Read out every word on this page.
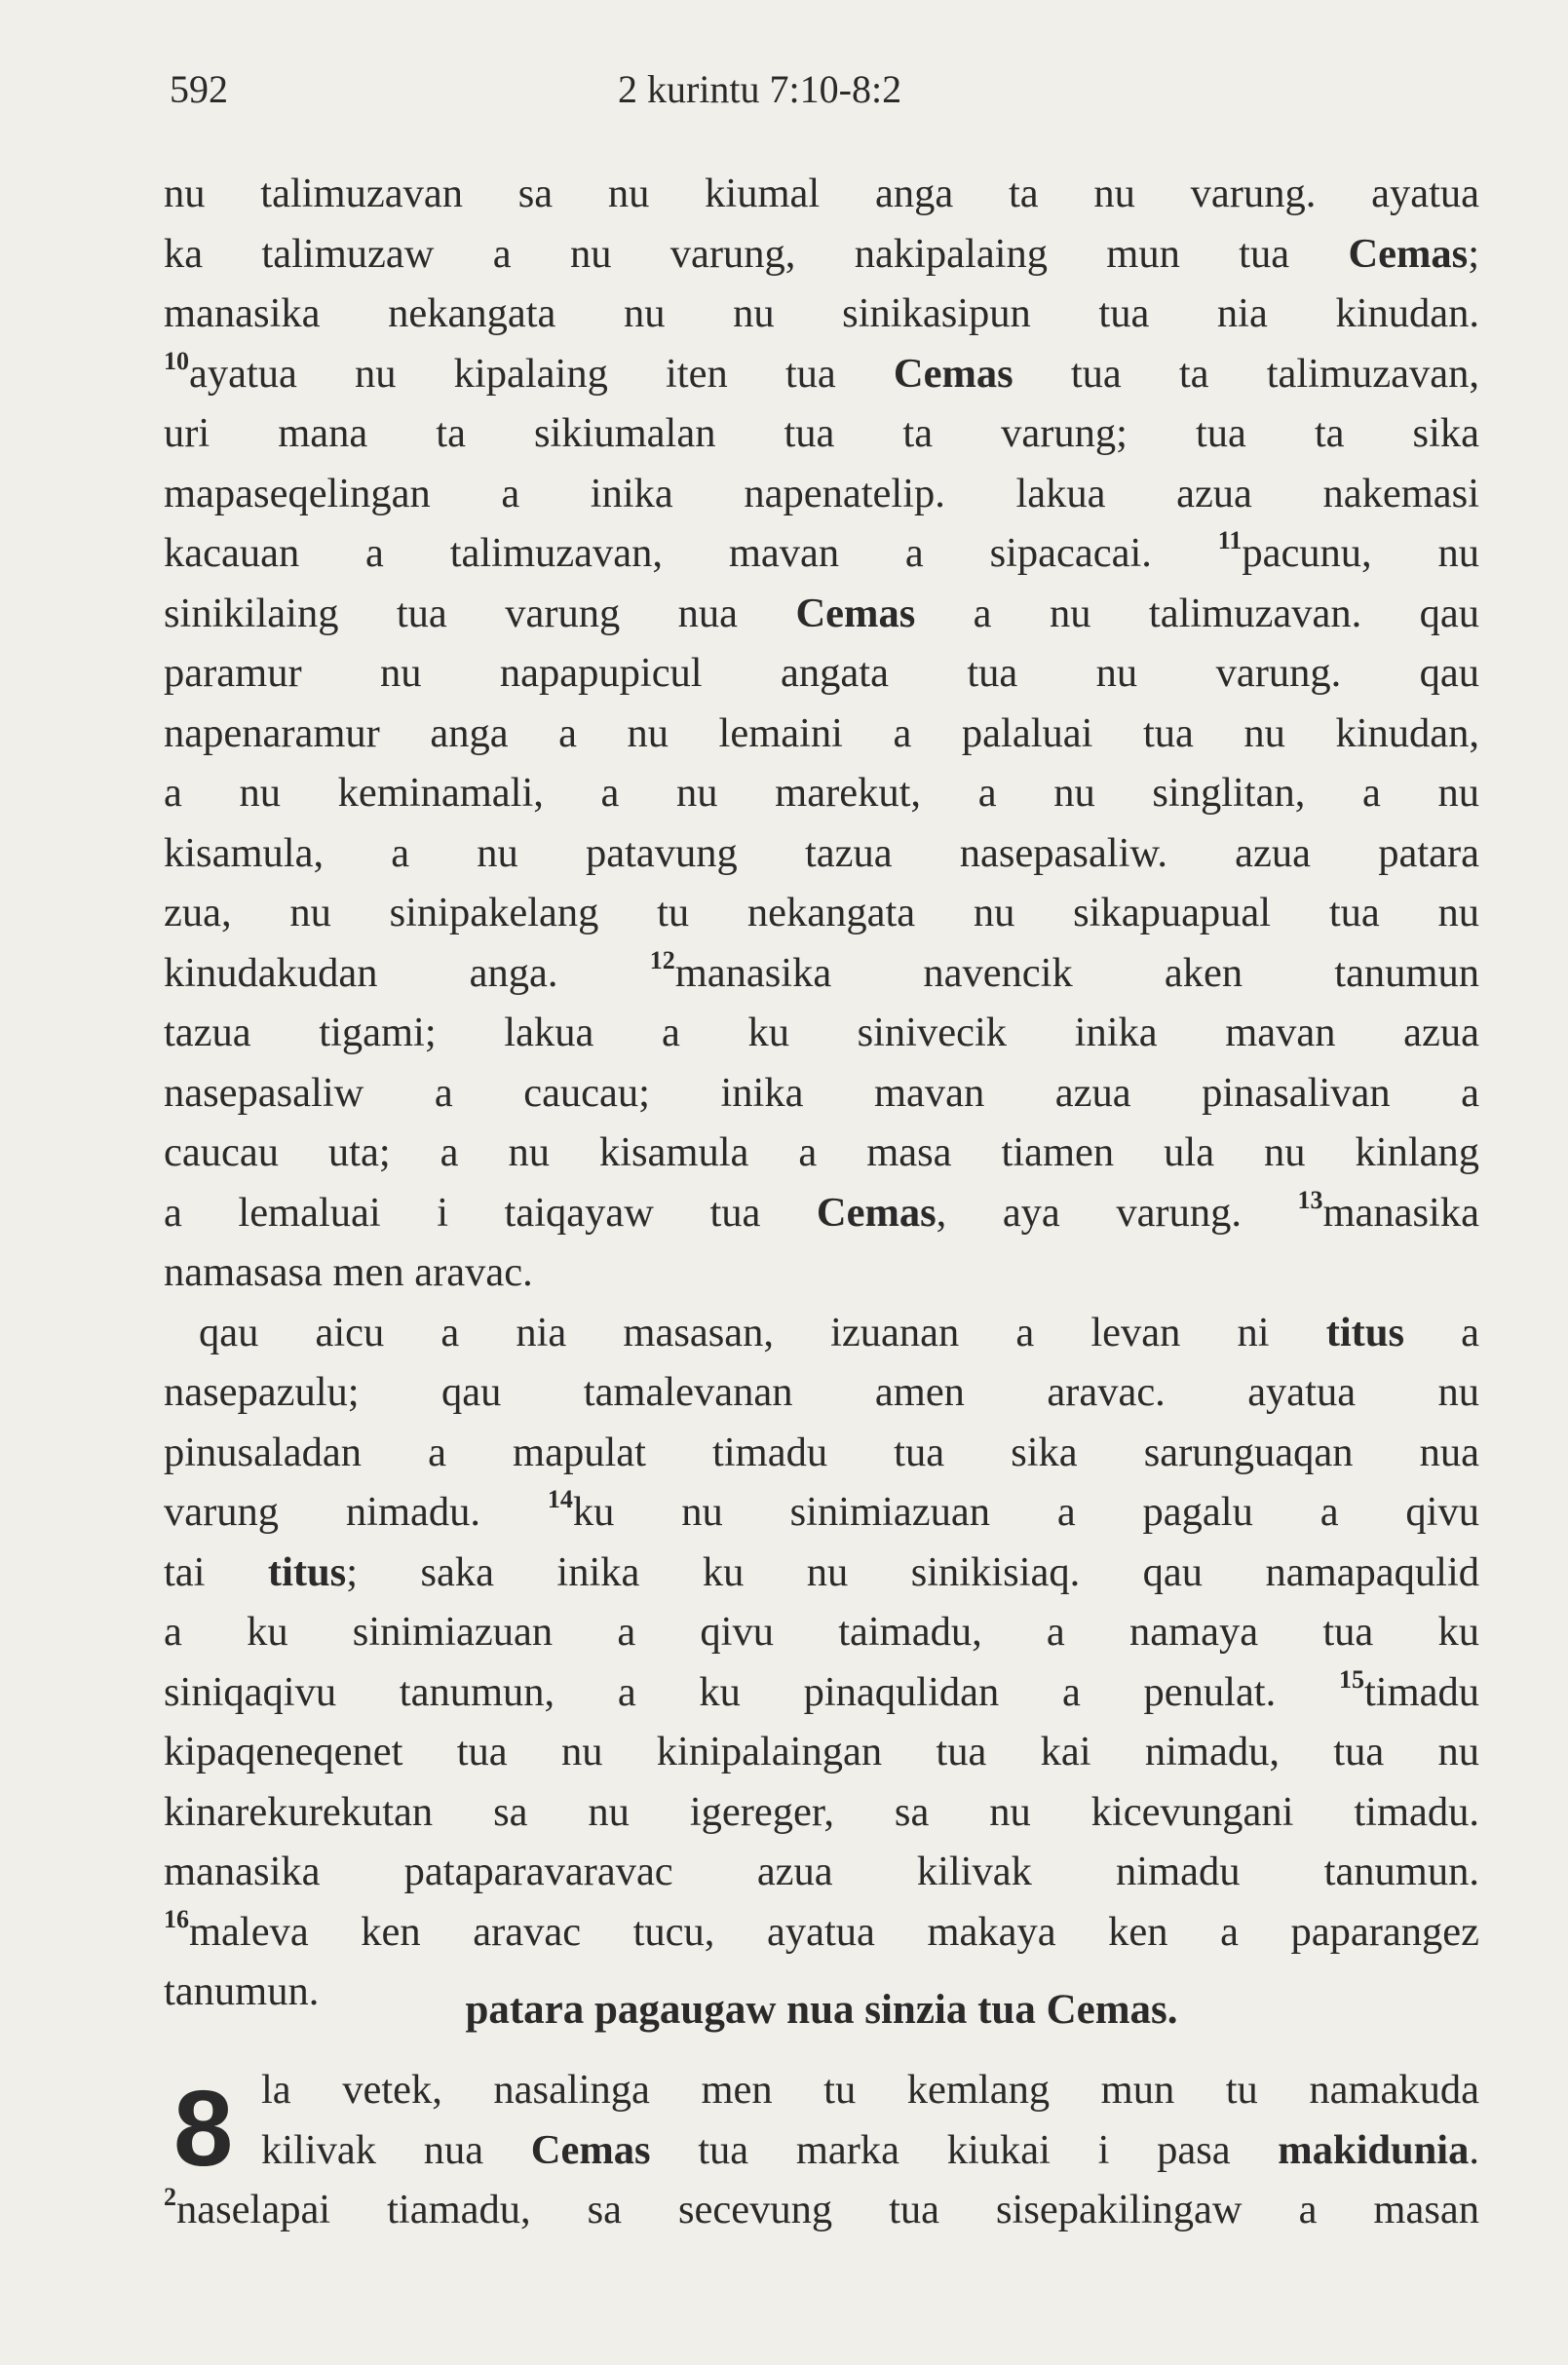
592	2 kurintu 7:10-8:2
nu talimuzavan sa nu kiumal anga ta nu varung. ayatua
ka talimuzaw a nu varung, nakipalaing mun tua Cemas;
manasika nekangata nu nu sinikasipun tua nia kinudan.
$^{10}$ayatua nu kipalaing iten tua Cemas tua ta talimuzavan,
uri mana ta sikiumalan tua ta varung; tua ta sika
mapaseqelingan a inika napenatelip. lakua azua nakemasi
kacauan a talimuzavan, mavan a sipacacai. $^{11}$pacunu, nu
sinikilaing tua varung nua Cemas a nu talimuzavan. qau
paramur nu napapupicul angata tua nu varung. qau
napenaramur anga a nu lemaini a palaluai tua nu kinudan,
a nu keminamali, a nu marekut, a nu singlitan, a nu
kisamula, a nu patavung tazua nasepasaliw. azua patara
zua, nu sinipakelang tu nekangata nu sikapuapual tua nu
kinudakudan anga. $^{12}$manasika navencik aken tanumun
tazua tigami; lakua a ku sinivecik inika mavan azua
nasepasaliw a caucau; inika mavan azua pinasalivan a
caucau uta; a nu kisamula a masa tiamen ula nu kinlang
a lemaluai i taiqayaw tua Cemas, aya varung. $^{13}$manasika
namasasa men aravac.
qau aicu a nia masasan, izuanan a levan ni titus a
nasepazulu; qau tamalevanan amen aravac. ayatua nu
pinusaladan a mapulat timadu tua sika sarunguaqan nua
varung nimadu. $^{14}$ku nu sinimiazuan a pagalu a qivu
tai titus; saka inika ku nu sinikisiaq. qau namapaqulid
a ku sinimiazuan a qivu taimadu, a namaya tua ku
siniqaqivu tanumun, a ku pinaqulidan a penulat. $^{15}$timadu
kipaqeneqenet tua nu kinipalaingan tua kai nimadu, tua nu
kinarekurekutan sa nu igereger, sa nu kicevungani timadu.
manasika pataparavaravac azua kilivak nimadu tanumun.
$^{16}$maleva ken aravac tucu, ayatua makaya ken a paparangez
tanumun.	patara pagaugaw nua sinzia tua Cemas.
8 la vetek, nasalinga men tu kemlang mun tu namakuda
kilivak nua Cemas tua marka kiukai i pasa makidunia.
$^2$naselapai tiamadu, sa secevung tua sisepakilingaw a masan
